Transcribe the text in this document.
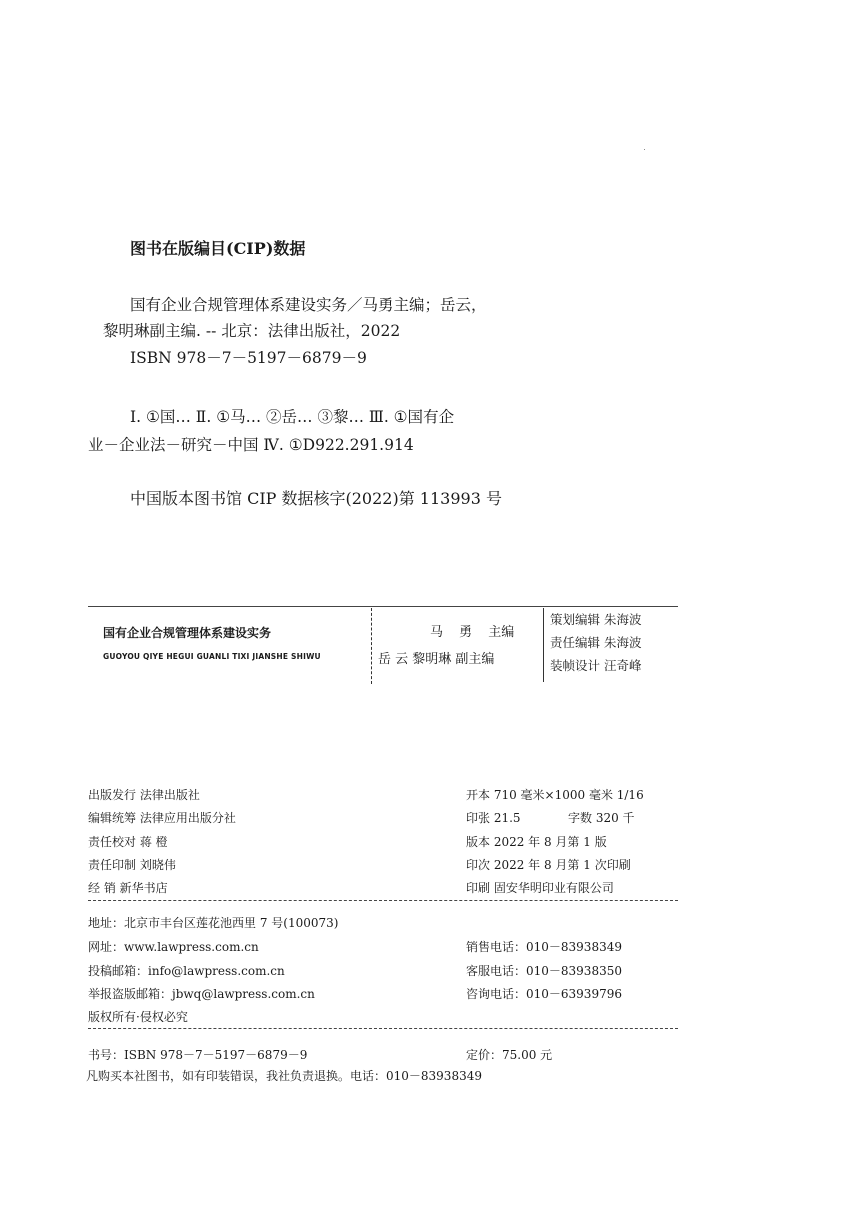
图书在版编目(CIP)数据
国有企业合规管理体系建设实务／马勇主编；岳云，
黎明琳副主编. -- 北京：法律出版社，2022
ISBN 978－7－5197－6879－9
Ⅰ. ①国… Ⅱ. ①马… ②岳… ③黎… Ⅲ. ①国有企
业－企业法－研究－中国 Ⅳ. ①D922.291.914
中国版本图书馆 CIP 数据核字(2022)第 113993 号
国有企业合规管理体系建设实务
GUOYOU QIYE HEGUI GUANLI TIXI JIANSHE SHIWU
马 勇 主编
岳 云 黎明琳 副主编
策划编辑 朱海波
责任编辑 朱海波
装帧设计 汪奇峰
出版发行 法律出版社
编辑统筹 法律应用出版分社
责任校对 蒋 橙
责任印制 刘晓伟
经 销 新华书店
开本 710 毫米×1000 毫米 1/16
印张 21.5	字数 320 千
版本 2022 年 8 月第 1 版
印次 2022 年 8 月第 1 次印刷
印刷 固安华明印业有限公司
地址：北京市丰台区莲花池西里 7 号(100073)
网址：www.lawpress.com.cn
投稿邮箱：info@lawpress.com.cn
举报盗版邮箱：jbwq@lawpress.com.cn
版权所有·侵权必究
销售电话：010－83938349
客服电话：010－83938350
咨询电话：010－63939796
书号：ISBN 978－7－5197－6879－9	定价：75.00 元
凡购买本社图书，如有印装错误，我社负责退换。电话：010－83938349
